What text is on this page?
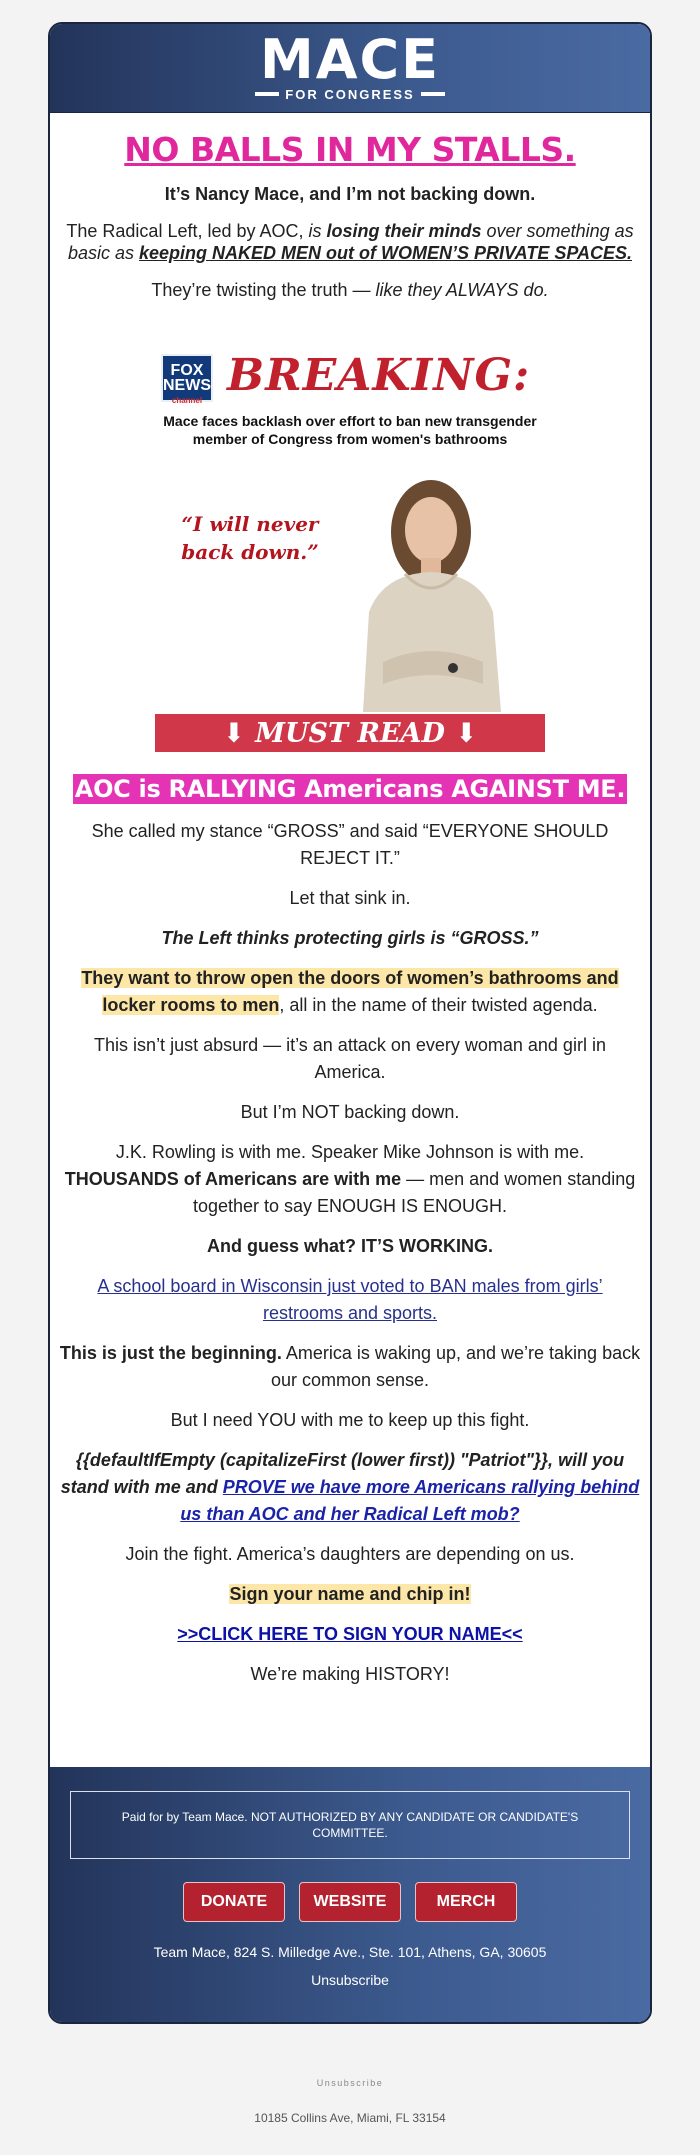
MACE
FOR CONGRESS
NO BALLS IN MY STALLS.
It’s Nancy Mace, and I’m not backing down.
The Radical Left, led by AOC, is losing their minds over something as basic as keeping NAKED MEN out of WOMEN’S PRIVATE SPACES.
They’re twisting the truth — like they ALWAYS do.
FOX NEWS
channel BREAKING:
Mace faces backlash over effort to ban new transgender member of Congress from women's bathrooms
“I will never back down.”
⬇ MUST READ ⬇
AOC is RALLYING Americans AGAINST ME.
She called my stance “GROSS” and said “EVERYONE SHOULD REJECT IT.”
Let that sink in.
The Left thinks protecting girls is “GROSS.”
They want to throw open the doors of women’s bathrooms and locker rooms to men, all in the name of their twisted agenda.
This isn’t just absurd — it’s an attack on every woman and girl in America.
But I’m NOT backing down.
J.K. Rowling is with me. Speaker Mike Johnson is with me. THOUSANDS of Americans are with me — men and women standing together to say ENOUGH IS ENOUGH.
And guess what? IT’S WORKING.
A school board in Wisconsin just voted to BAN males from girls’ restrooms and sports.
This is just the beginning. America is waking up, and we’re taking back our common sense.
But I need YOU with me to keep up this fight.
{{defaultIfEmpty (capitalizeFirst (lower first)) "Patriot"}}, will you stand with me and PROVE we have more Americans rallying behind us than AOC and her Radical Left mob?
Join the fight. America’s daughters are depending on us.
Sign your name and chip in!
>>CLICK HERE TO SIGN YOUR NAME<<
We’re making HISTORY!
Paid for by Team Mace. NOT AUTHORIZED BY ANY CANDIDATE OR CANDIDATE'S COMMITTEE.
DONATE	WEBSITE	MERCH
Team Mace, 824 S. Milledge Ave., Ste. 101, Athens, GA, 30605
Unsubscribe
Unsubscribe
10185 Collins Ave, Miami, FL 33154
